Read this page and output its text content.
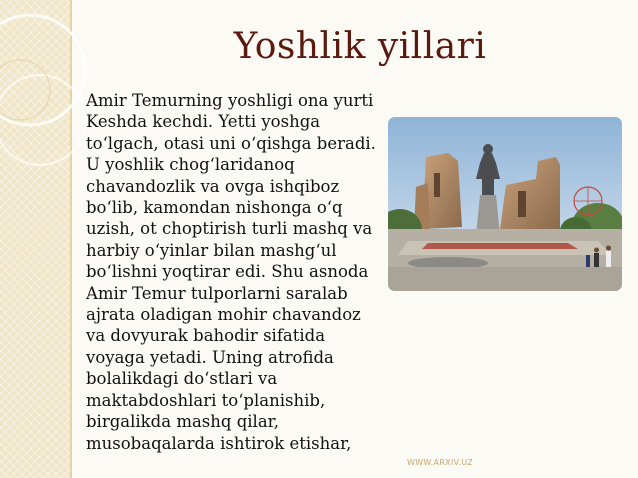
Yoshlik yillari
Amir Temurning yoshligi ona yurti
Keshda kechdi. Yetti yoshga
to‘lgach, otasi uni o‘qishga beradi.
U yoshlik chog‘laridanoq
chavandozlik va ovga ishqiboz
bo‘lib, kamondan nishonga o‘q
uzish, ot choptirish turli mashq va
harbiy o‘yinlar bilan mashg‘ul
bo‘lishni yoqtirar edi. Shu asnoda
Amir Temur tulporlarni saralab
ajrata oladigan mohir chavandoz
va dovyurak bahodir sifatida
voyaga yetadi. Uning atrofida
bolalikdagi do‘stlari va
maktabdoshlari to‘planishib,
birgalikda mashq qilar,
musobaqalarda ishtirok etishar,
WWW.ARXIV.UZ
